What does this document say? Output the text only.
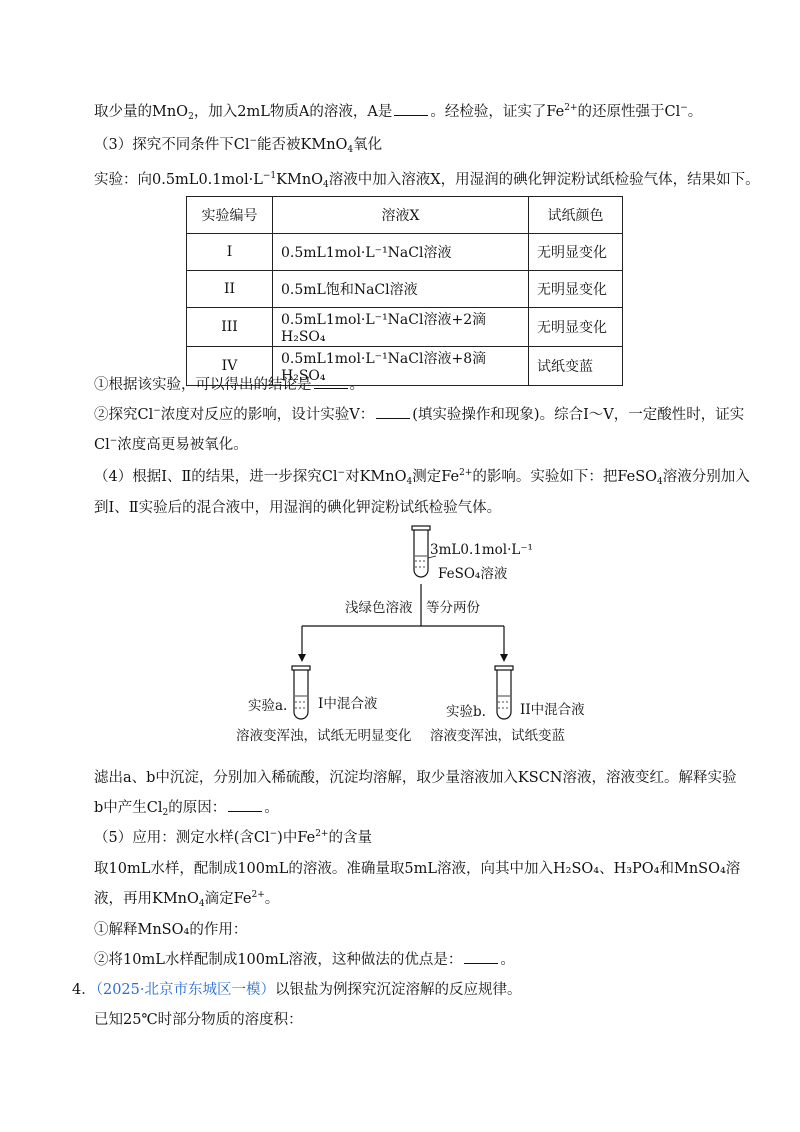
取少量的MnO$_2$，加入2mL物质A的溶液，A是	。经检验，证实了$Fe^{2+}$的还原性强于Cl−。
（3）探究不同条件下Cl−能否被KMnO$_4$氧化
实验：向$0.5mL0.1mol\cdot L^{-1}KMnO_4$溶液中加入溶液X，用湿润的碘化钾淀粉试纸检验气体，结果如下。
实验编号	溶液X	试纸颜色
I	0.5mL1mol·L⁻¹NaCl溶液	无明显变化
II	0.5mL饱和NaCl溶液	无明显变化
III	0.5mL1mol·L⁻¹NaCl溶液+2滴H₂SO₄	无明显变化
IV	0.5mL1mol·L⁻¹NaCl溶液+8滴H₂SO₄	试纸变蓝
①根据该实验，可以得出的结论是	。
②探究Cl−浓度对反应的影响，设计实验V：	(填实验操作和现象)。综合Ⅰ～Ⅴ，一定酸性时，证实
Cl−浓度高更易被氧化。
（4）根据Ⅰ、Ⅱ的结果，进一步探究Cl−对KMnO$_4$测定$Fe^{2+}$的影响。实验如下：把FeSO$_4$溶液分别加入
到Ⅰ、Ⅱ实验后的混合液中，用湿润的碘化钾淀粉试纸检验气体。
3mL0.1mol·L⁻¹
FeSO₄溶液
浅绿色溶液 等分两份
实验a. I中混合液	实验b.	II中混合液
溶液变浑浊，试纸无明显变化 溶液变浑浊，试纸变蓝
滤出a、b中沉淀，分别加入稀硫酸，沉淀均溶解，取少量溶液加入KSCN溶液，溶液变红。解释实验
b中产生$Cl_2$的原因：	。
（5）应用：测定水样(含Cl−)中$Fe^{2+}$的含量
取10mL水样，配制成100mL的溶液。准确量取5mL溶液，向其中加入H₂SO₄、H₃PO₄和MnSO₄溶
液，再用KMnO$_4$滴定$Fe^{2+}$。
①解释MnSO₄的作用：
②将10mL水样配制成100mL溶液，这种做法的优点是：	。
4．（2025·北京市东城区一模）以银盐为例探究沉淀溶解的反应规律。
已知25℃时部分物质的溶度积：
